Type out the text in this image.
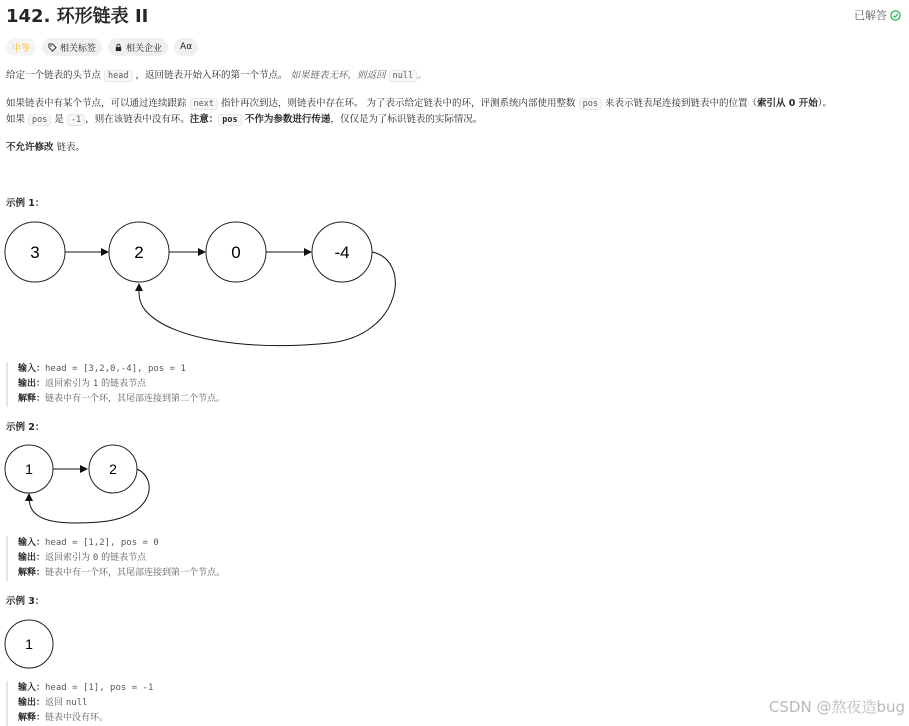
142. 环形链表 II	已解答
中等	相关标签	相关企业 Aα
给定一个链表的头节点 head ，返回链表开始入环的第一个节点。 如果链表无环，则返回 null 。
如果链表中有某个节点，可以通过连续跟踪 next 指针再次到达，则链表中存在环。 为了表示给定链表中的环，评测系统内部使用整数 pos 来表示链表尾连接到链表中的位置（索引从 0 开始）。
如果 pos 是 -1 ，则在该链表中没有环。注意： pos 不作为参数进行传递，仅仅是为了标识链表的实际情况。
不允许修改 链表。
示例 1：
3	2	0	-4
输入：head = [3,2,0,-4], pos = 1
输出：返回索引为 1 的链表节点
解释：链表中有一个环，其尾部连接到第二个节点。
示例 2：
1	2
输入：head = [1,2], pos = 0
输出：返回索引为 0 的链表节点
解释：链表中有一个环，其尾部连接到第一个节点。
示例 3：
1
输入：head = [1], pos = -1
输出：返回 null
解释：链表中没有环。
CSDN @熬夜造bug
